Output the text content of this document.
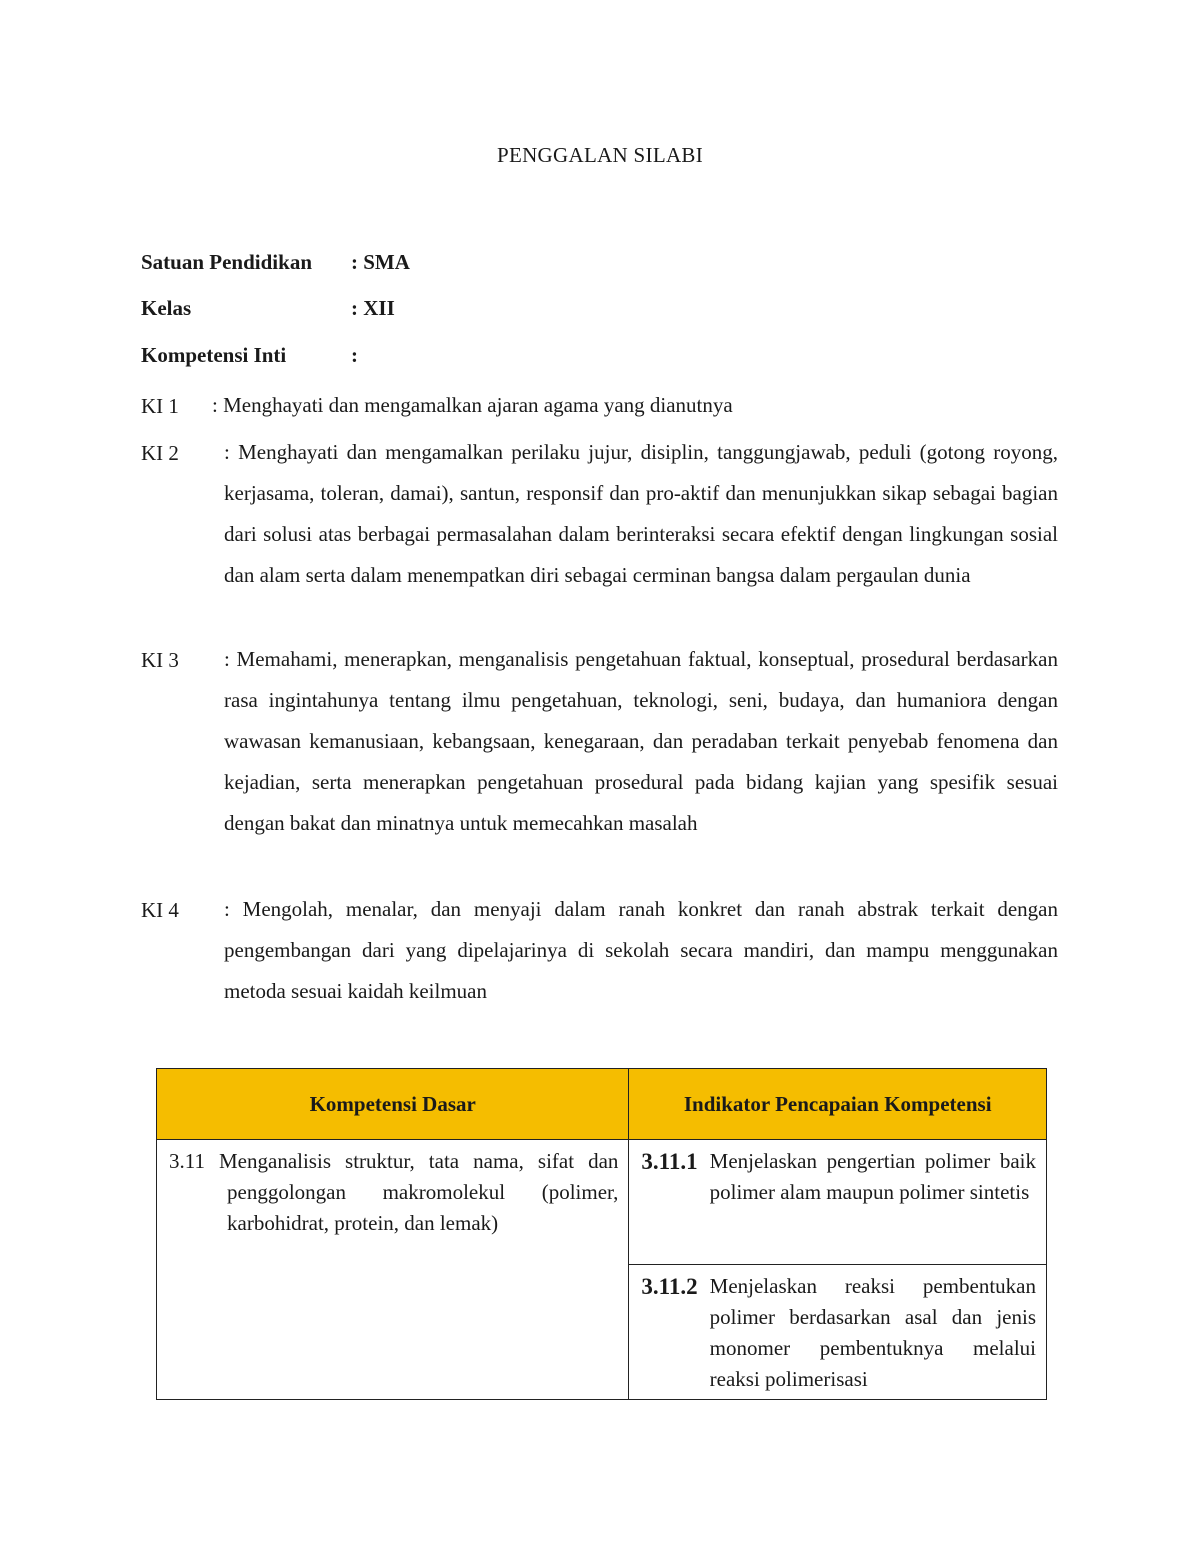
PENGGALAN SILABI
Satuan Pendidikan : SMA
Kelas	: XII
Kompetensi Inti	:
KI 1 : Menghayati dan mengamalkan ajaran agama yang dianutnya
KI 2 : Menghayati dan mengamalkan perilaku jujur, disiplin, tanggungjawab, peduli (gotong royong, kerjasama, toleran, damai), santun, responsif dan pro-aktif dan menunjukkan sikap sebagai bagian dari solusi atas berbagai permasalahan dalam berinteraksi secara efektif dengan lingkungan sosial dan alam serta dalam menempatkan diri sebagai cerminan bangsa dalam pergaulan dunia
KI 3 : Memahami, menerapkan, menganalisis pengetahuan faktual, konseptual, prosedural berdasarkan rasa ingintahunya tentang ilmu pengetahuan, teknologi, seni, budaya, dan humaniora dengan wawasan kemanusiaan, kebangsaan, kenegaraan, dan peradaban terkait penyebab fenomena dan kejadian, serta menerapkan pengetahuan prosedural pada bidang kajian yang spesifik sesuai dengan bakat dan minatnya untuk memecahkan masalah
KI 4 : Mengolah, menalar, dan menyaji dalam ranah konkret dan ranah abstrak terkait dengan pengembangan dari yang dipelajarinya di sekolah secara mandiri, dan mampu menggunakan metoda sesuai kaidah keilmuan
Kompetensi Dasar	Indikator Pencapaian Kompetensi

3.11 Menganalisis struktur, tata nama, sifat dan penggolongan makromolekul (polimer, karbohidrat, protein, dan lemak)	3.11.1 Menjelaskan pengertian polimer baik polimer alam maupun polimer sintetis

	3.11.2 Menjelaskan reaksi pembentukan polimer berdasarkan asal dan jenis monomer pembentuknya melalui reaksi polimerisasi
